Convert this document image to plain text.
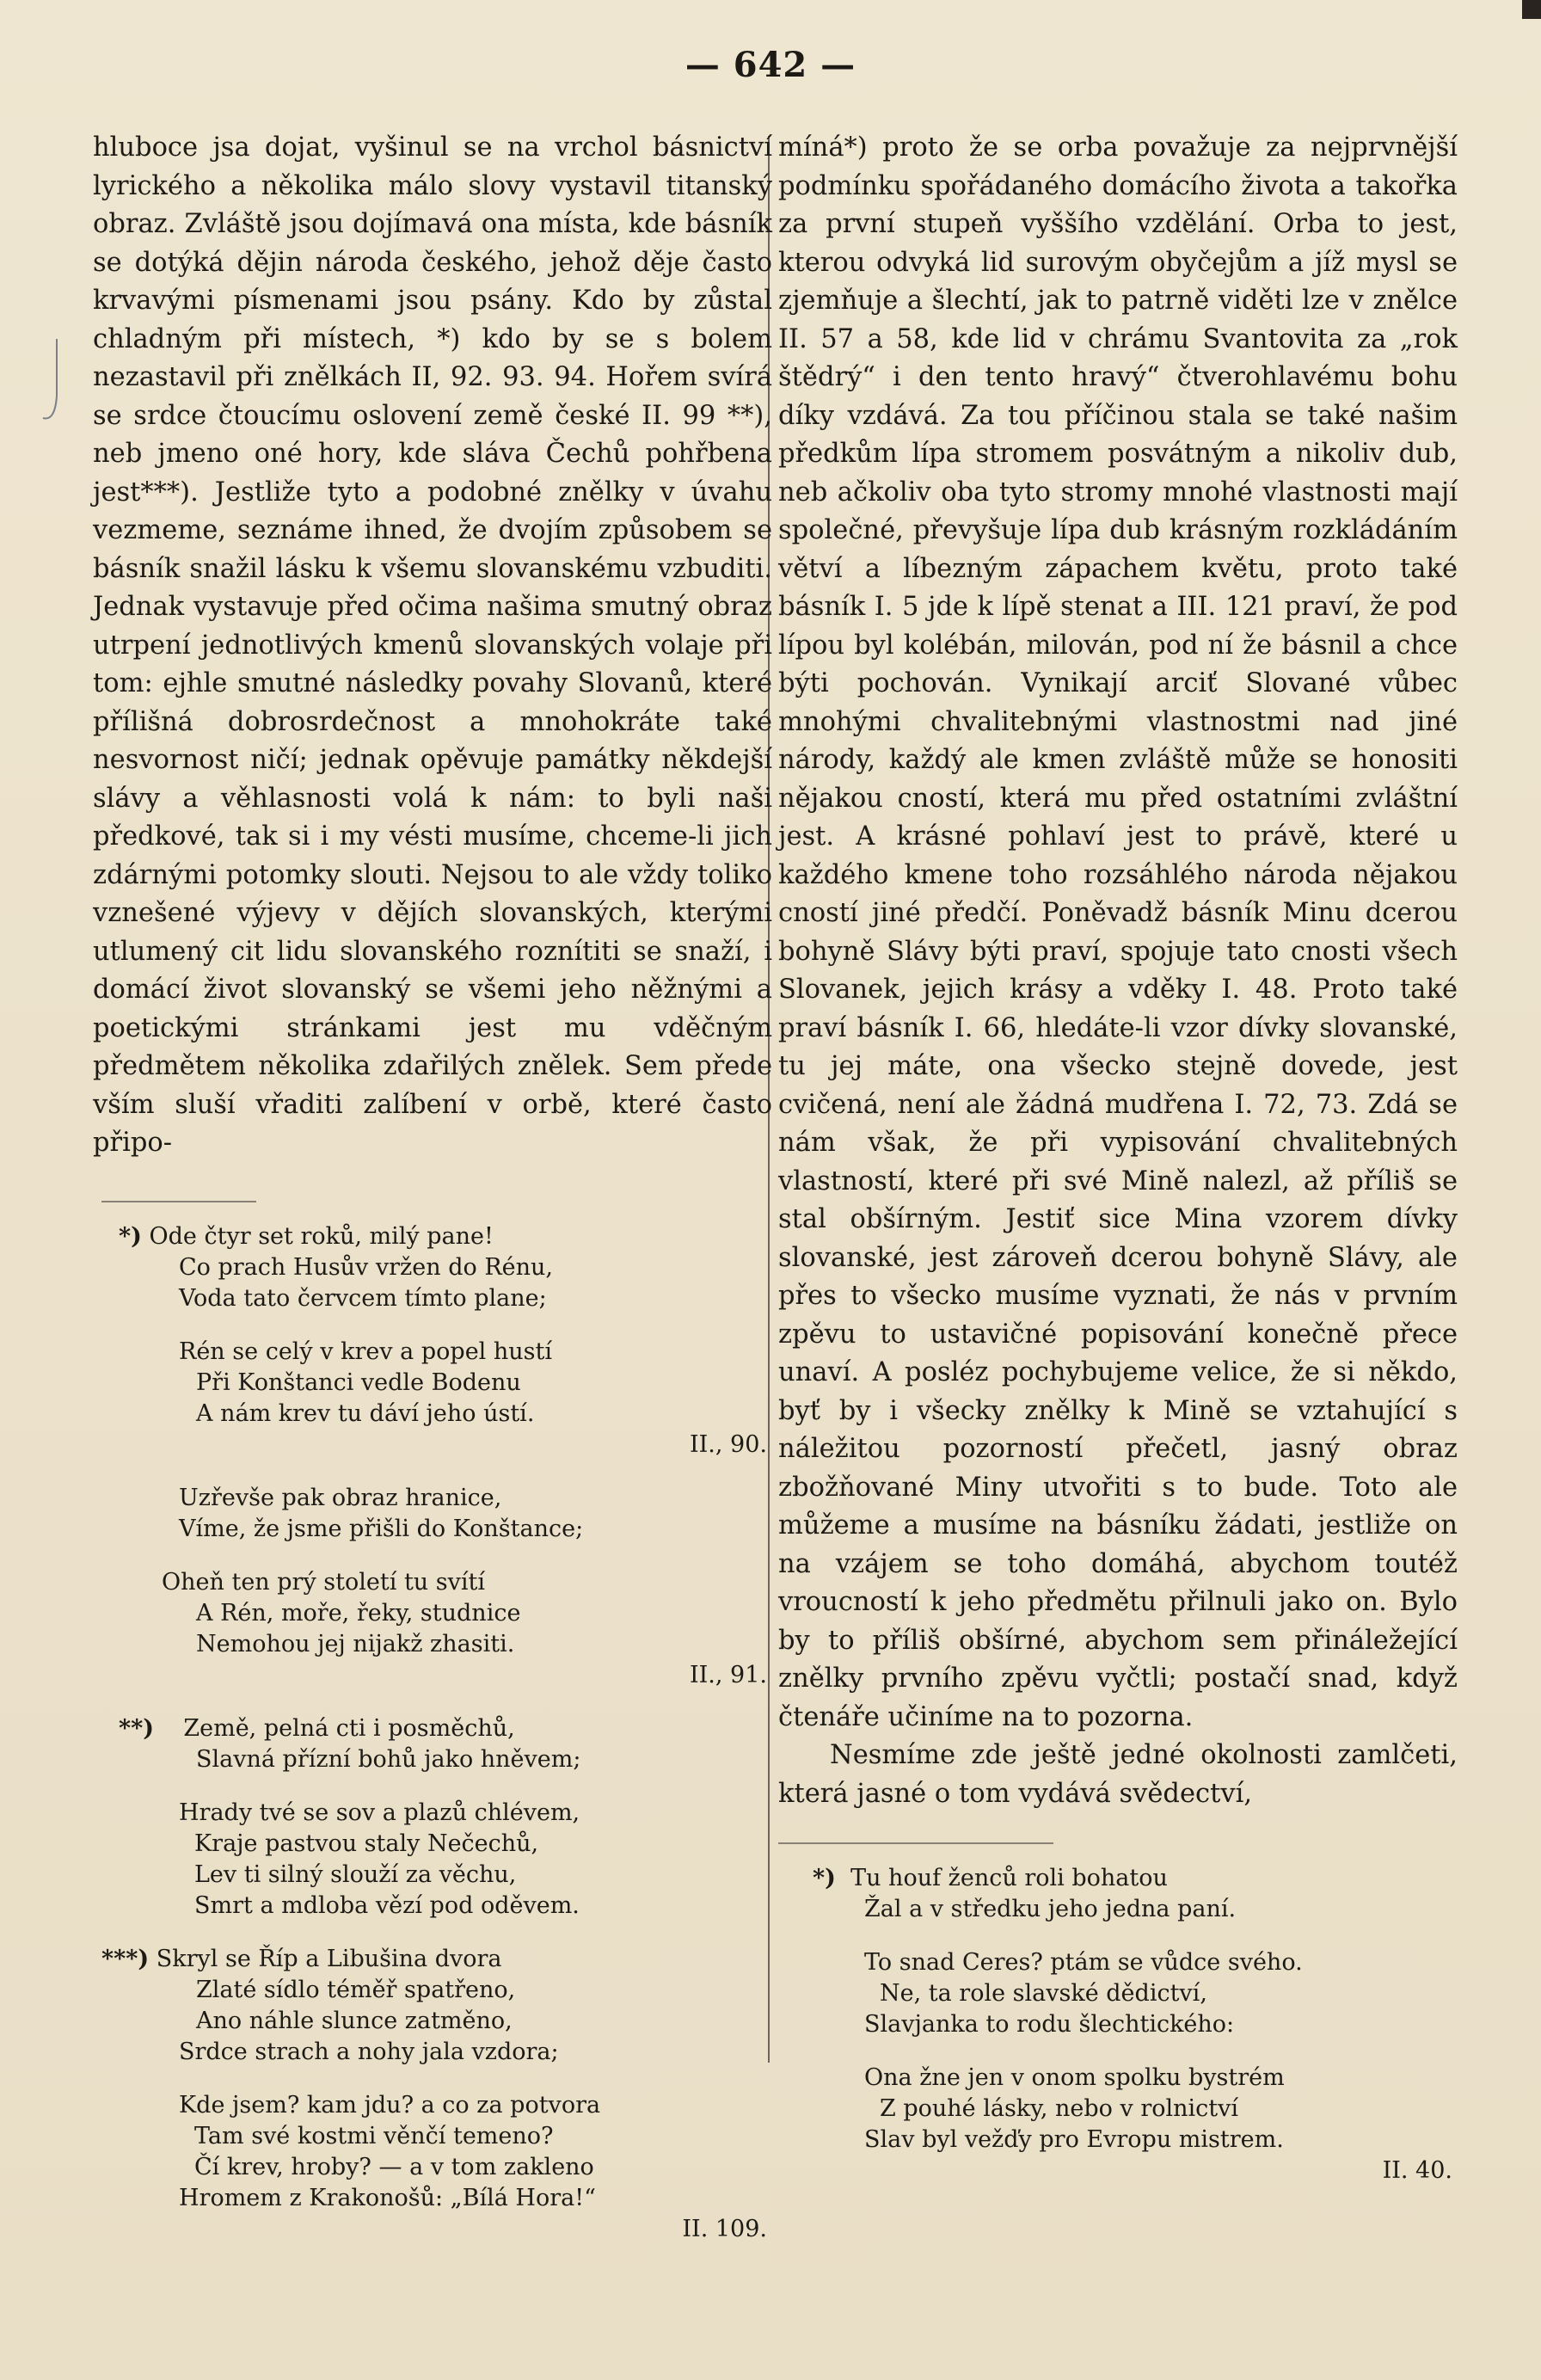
— 642 —

hluboce jsa dojat, vyšinul se na vrchol básnictví lyrického a několika málo slovy vystavil titanský obraz. Zvláště jsou dojímavá ona místa, kde básník se dotýká dějin národa českého, jehož děje často krvavými písmenami jsou psány. Kdo by zůstal chladným při místech, *) kdo by se s bolem nezastavil při znělkách II, 92. 93. 94. Hořem svírá se srdce čtoucímu oslovení země české II. 99 **), neb jmeno oné hory, kde sláva Čechů pohřbena jest***). Jestliže tyto a podobné znělky v úvahu vezmeme, seznáme ihned, že dvojím způsobem se básník snažil lásku k všemu slovanskému vzbuditi. Jednak vystavuje před očima našima smutný obraz utrpení jednotlivých kmenů slovanských volaje při tom: ejhle smutné následky povahy Slovanů, které přílišná dobrosrdečnost a mnohokráte také nesvornost ničí; jednak opěvuje památky někdejší slávy a věhlasnosti volá k nám: to byli naši předkové, tak si i my vésti musíme, chceme-li jich zdárnými potomky slouti. Nejsou to ale vždy toliko vznešené výjevy v dějích slovanských, kterými utlumený cit lidu slovanského roznítiti se snaží, i domácí život slovanský se všemi jeho něžnými a poetickými stránkami jest mu vděčným předmětem několika zdařilých znělek. Sem přede vším sluší vřaditi zalíbení v orbě, které často připo-

*) Ode čtyr set roků, milý pane!
Co prach Husův vržen do Rénu,
Voda tato červcem tímto plane;
Rén se celý v krev a popel hustí
Při Konštanci vedle Bodenu
A nám krev tu dáví jeho ústí.
II., 90.
Uzřevše pak obraz hranice,
Víme, že jsme přišli do Konštance;
Oheň ten prý století tu svítí
A Rén, moře, řeky, studnice
Nemohou jej nijakž zhasiti.
II., 91.
**) Země, pelná cti i posměchů,
Slavná přízní bohů jako hněvem;
Hrady tvé se sov a plazů chlévem,
Kraje pastvou staly Nečechů,
Lev ti silný slouží za věchu,
Smrt a mdloba vězí pod oděvem.
***) Skryl se Říp a Libušina dvora
Zlaté sídlo téměř spatřeno,
Ano náhle slunce zatměno,
Srdce strach a nohy jala vzdora;
Kde jsem? kam jdu? a co za potvora
Tam své kostmi věnčí temeno?
Čí krev, hroby? — a v tom zakleno
Hromem z Krakonošů: „Bílá Hora!“
II. 109.

míná*) proto že se orba považuje za nejprvnější podmínku spořádaného domácího života a takořka za první stupeň vyššího vzdělání. Orba to jest, kterou odvyká lid surovým obyčejům a jíž mysl se zjemňuje a šlechtí, jak to patrně viděti lze v znělce II. 57 a 58, kde lid v chrámu Svantovita za „rok štědrý“ i den tento hravý“ čtverohlavému bohu díky vzdává. Za tou příčinou stala se také našim předkům lípa stromem posvátným a nikoliv dub, neb ačkoliv oba tyto stromy mnohé vlastnosti mají společné, převyšuje lípa dub krásným rozkládáním větví a líbezným zápachem květu, proto také básník I. 5 jde k lípě stenat a III. 121 praví, že pod lípou byl kolébán, milován, pod ní že básnil a chce býti pochován. Vynikají arciť Slované vůbec mnohými chvalitebnými vlastnostmi nad jiné národy, každý ale kmen zvláště může se honositi nějakou cností, která mu před ostatními zvláštní jest. A krásné pohlaví jest to právě, které u každého kmene toho rozsáhlého národa nějakou cností jiné předčí. Poněvadž básník Minu dcerou bohyně Slávy býti praví, spojuje tato cnosti všech Slovanek, jejich krásy a vděky I. 48. Proto také praví básník I. 66, hledáte-li vzor dívky slovanské, tu jej máte, ona všecko stejně dovede, jest cvičená, není ale žádná mudřena I. 72, 73. Zdá se nám však, že při vypisování chvalitebných vlastností, které při své Mině nalezl, až příliš se stal obšírným. Jestiť sice Mina vzorem dívky slovanské, jest zároveň dcerou bohyně Slávy, ale přes to všecko musíme vyznati, že nás v prvním zpěvu to ustavičné popisování konečně přece unaví. A posléz pochybujeme velice, že si někdo, byť by i všecky znělky k Mině se vztahující s náležitou pozorností přečetl, jasný obraz zbožňované Miny utvořiti s to bude. Toto ale můžeme a musíme na básníku žádati, jestliže on na vzájem se toho domáhá, abychom toutéž vroucností k jeho předmětu přilnuli jako on. Bylo by to příliš obšírné, abychom sem přináležející znělky prvního zpěvu vyčtli; postačí snad, když čtenáře učiníme na to pozorna.

Nesmíme zde ještě jedné okolnosti zamlčeti, která jasné o tom vydává svědectví,

*) Tu houf ženců roli bohatou
Žal a v středku jeho jedna paní.
To snad Ceres? ptám se vůdce svého.
Ne, ta role slavské dědictví,
Slavjanka to rodu šlechtického:
Ona žne jen v onom spolku bystrém
Z pouhé lásky, nebo v rolnictví
Slav byl vežďy pro Evropu mistrem.
II. 40.
